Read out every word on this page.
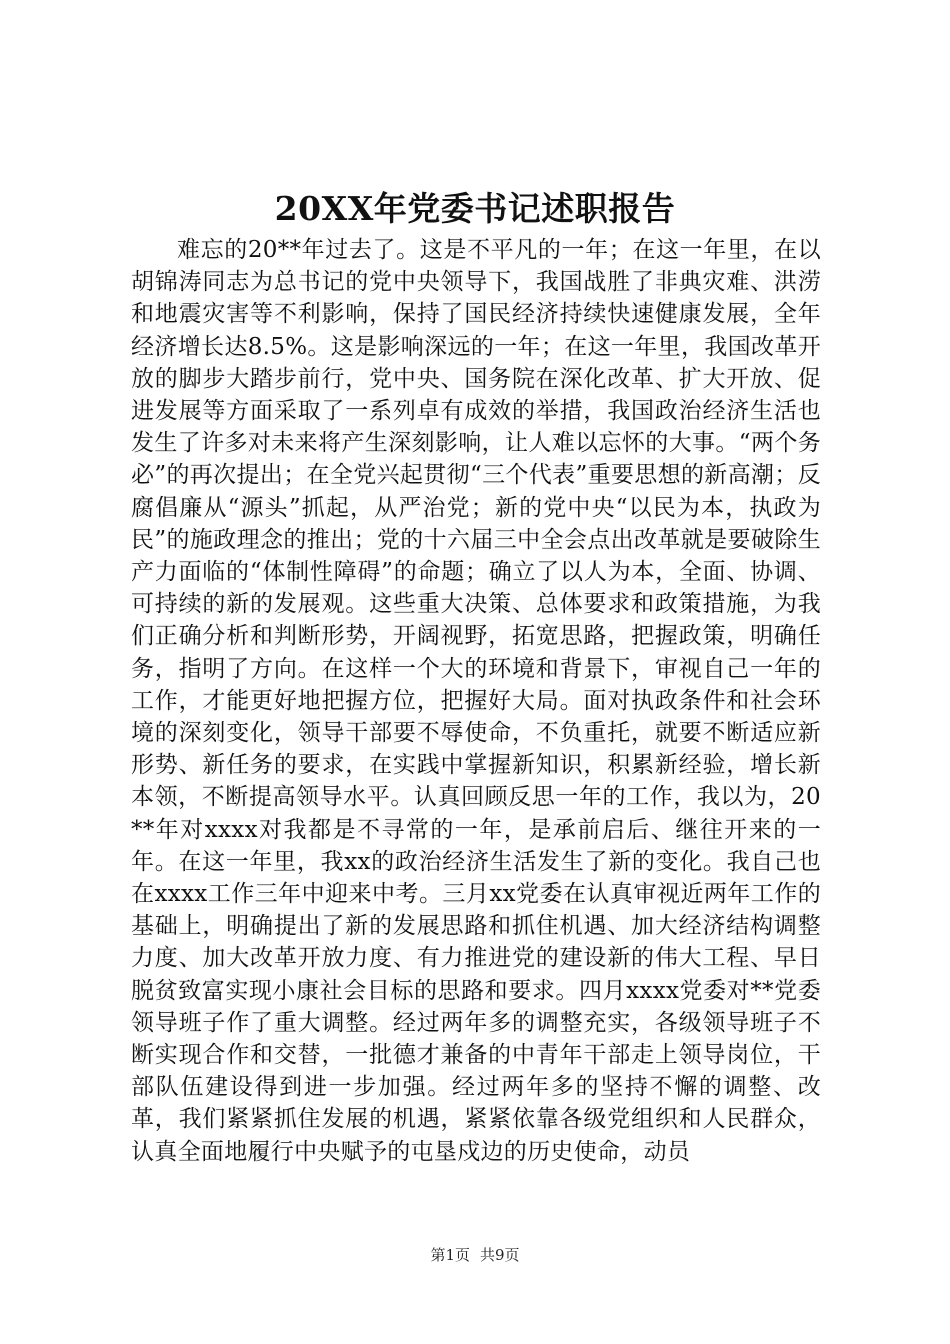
20XX年党委书记述职报告

难忘的20**年过去了。这是不平凡的一年；在这一年里，在以胡锦涛同志为总书记的党中央领导下，我国战胜了非典灾难、洪涝和地震灾害等不利影响，保持了国民经济持续快速健康发展，全年经济增长达8.5%。这是影响深远的一年；在这一年里，我国改革开放的脚步大踏步前行，党中央、国务院在深化改革、扩大开放、促进发展等方面采取了一系列卓有成效的举措，我国政治经济生活也发生了许多对未来将产生深刻影响，让人难以忘怀的大事。“两个务必”的再次提出；在全党兴起贯彻“三个代表”重要思想的新高潮；反腐倡廉从“源头”抓起，从严治党；新的党中央“以民为本，执政为民”的施政理念的推出；党的十六届三中全会点出改革就是要破除生产力面临的“体制性障碍”的命题；确立了以人为本，全面、协调、可持续的新的发展观。这些重大决策、总体要求和政策措施，为我们正确分析和判断形势，开阔视野，拓宽思路，把握政策，明确任务，指明了方向。在这样一个大的环境和背景下，审视自己一年的工作，才能更好地把握方位，把握好大局。面对执政条件和社会环境的深刻变化，领导干部要不辱使命，不负重托，就要不断适应新形势、新任务的要求，在实践中掌握新知识，积累新经验，增长新本领，不断提高领导水平。认真回顾反思一年的工作，我以为，20**年对xxxx对我都是不寻常的一年，是承前启后、继往开来的一年。在这一年里，我xx的政治经济生活发生了新的变化。我自己也在xxxx工作三年中迎来中考。三月xx党委在认真审视近两年工作的基础上，明确提出了新的发展思路和抓住机遇、加大经济结构调整力度、加大改革开放力度、有力推进党的建设新的伟大工程、早日脱贫致富实现小康社会目标的思路和要求。四月xxxx党委对**党委领导班子作了重大调整。经过两年多的调整充实，各级领导班子不断实现合作和交替，一批德才兼备的中青年干部走上领导岗位，干部队伍建设得到进一步加强。经过两年多的坚持不懈的调整、改革，我们紧紧抓住发展的机遇，紧紧依靠各级党组织和人民群众，认真全面地履行中央赋予的屯垦戍边的历史使命，动员

第1页 共9页
